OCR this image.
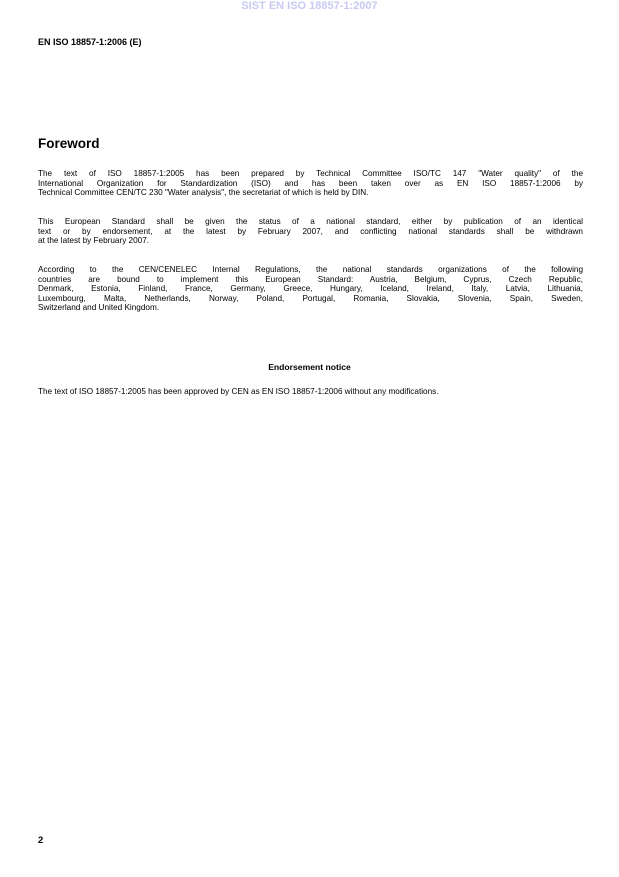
SIST EN ISO 18857-1:2007
EN ISO 18857-1:2006 (E)
Foreword
The text of ISO 18857-1:2005 has been prepared by Technical Committee ISO/TC 147 "Water quality" of the
International Organization for Standardization (ISO) and has been taken over as EN ISO 18857-1:2006 by
Technical Committee CEN/TC 230 "Water analysis", the secretariat of which is held by DIN.
This European Standard shall be given the status of a national standard, either by publication of an identical
text or by endorsement, at the latest by February 2007, and conflicting national standards shall be withdrawn
at the latest by February 2007.
According to the CEN/CENELEC Internal Regulations, the national standards organizations of the following
countries are bound to implement this European Standard: Austria, Belgium, Cyprus, Czech Republic,
Denmark, Estonia, Finland, France, Germany, Greece, Hungary, Iceland, Ireland, Italy, Latvia, Lithuania,
Luxembourg, Malta, Netherlands, Norway, Poland, Portugal, Romania, Slovakia, Slovenia, Spain, Sweden,
Switzerland and United Kingdom.
Endorsement notice
The text of ISO 18857-1:2005 has been approved by CEN as EN ISO 18857-1:2006 without any modifications.
2
